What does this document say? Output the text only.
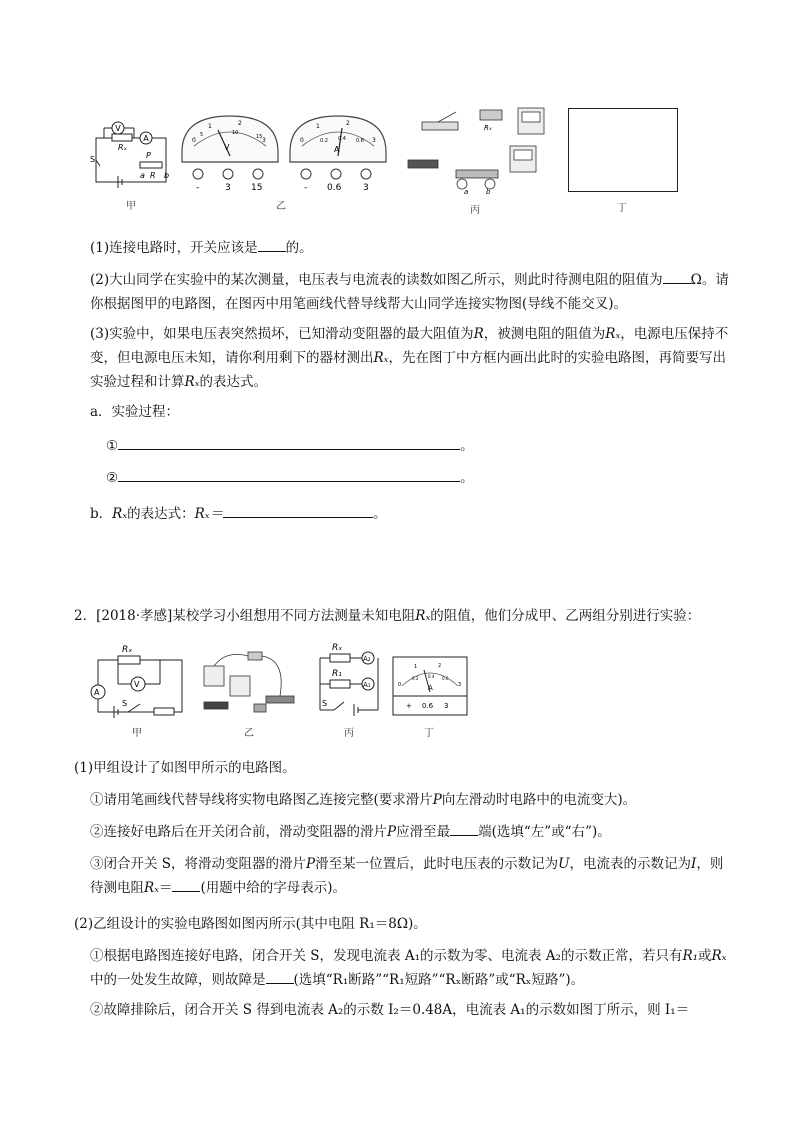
V
A
Rₓ
S	P
a R b
甲
0
1	2
3
5	10
15
V
-	3 15
0	0.2 0.4 0.6
1	2
3
A
- 0.6 3
乙
Rₓ
a	b
丙	丁
(1)连接电路时，开关应该是 的。
(2)大山同学在实验中的某次测量，电压表与电流表的读数如图乙所示，则此时待测电阻的阻值为 Ω。请你根据图甲的电路图，在图丙中用笔画线代替导线帮大山同学连接实物图(导线不能交叉)。
(3)实验中，如果电压表突然损坏，已知滑动变阻器的最大阻值为R，被测电阻的阻值为Rₓ，电源电压保持不变，但电源电压未知，请你利用剩下的器材测出Rₓ，先在图丁中方框内画出此时的实验电路图，再简要写出实验过程和计算Rₓ的表达式。
a．实验过程：
①	。
②	。
b．Rₓ的表达式：Rₓ＝	。
2．[2018·孝感]某校学习小组想用不同方法测量未知电阻Rₓ的阻值，他们分成甲、乙两组分别进行实验：
Rₓ
V
A
S
甲	乙
Rₓ
R₁
A₂
A₁
S
丙
0
0.2 0.4 0.6
1	2
3
A
+ 0.6 3
丁
(1)甲组设计了如图甲所示的电路图。
①请用笔画线代替导线将实物电路图乙连接完整(要求滑片P向左滑动时电路中的电流变大)。
②连接好电路后在开关闭合前，滑动变阻器的滑片P应滑至最 端(选填“左”或“右”)。
③闭合开关 S，将滑动变阻器的滑片P滑至某一位置后，此时电压表的示数记为U，电流表的示数记为I，则待测电阻Rₓ＝ (用题中给的字母表示)。
(2)乙组设计的实验电路图如图丙所示(其中电阻 R₁＝8Ω)。
①根据电路图连接好电路，闭合开关 S，发现电流表 A₁的示数为零、电流表 A₂的示数正常，若只有R₁或Rₓ中的一处发生故障，则故障是 (选填“R₁断路”“R₁短路”“Rₓ断路”或“Rₓ短路”)。
②故障排除后，闭合开关 S 得到电流表 A₂的示数 I₂＝0.48A，电流表 A₁的示数如图丁所示，则 I₁＝
